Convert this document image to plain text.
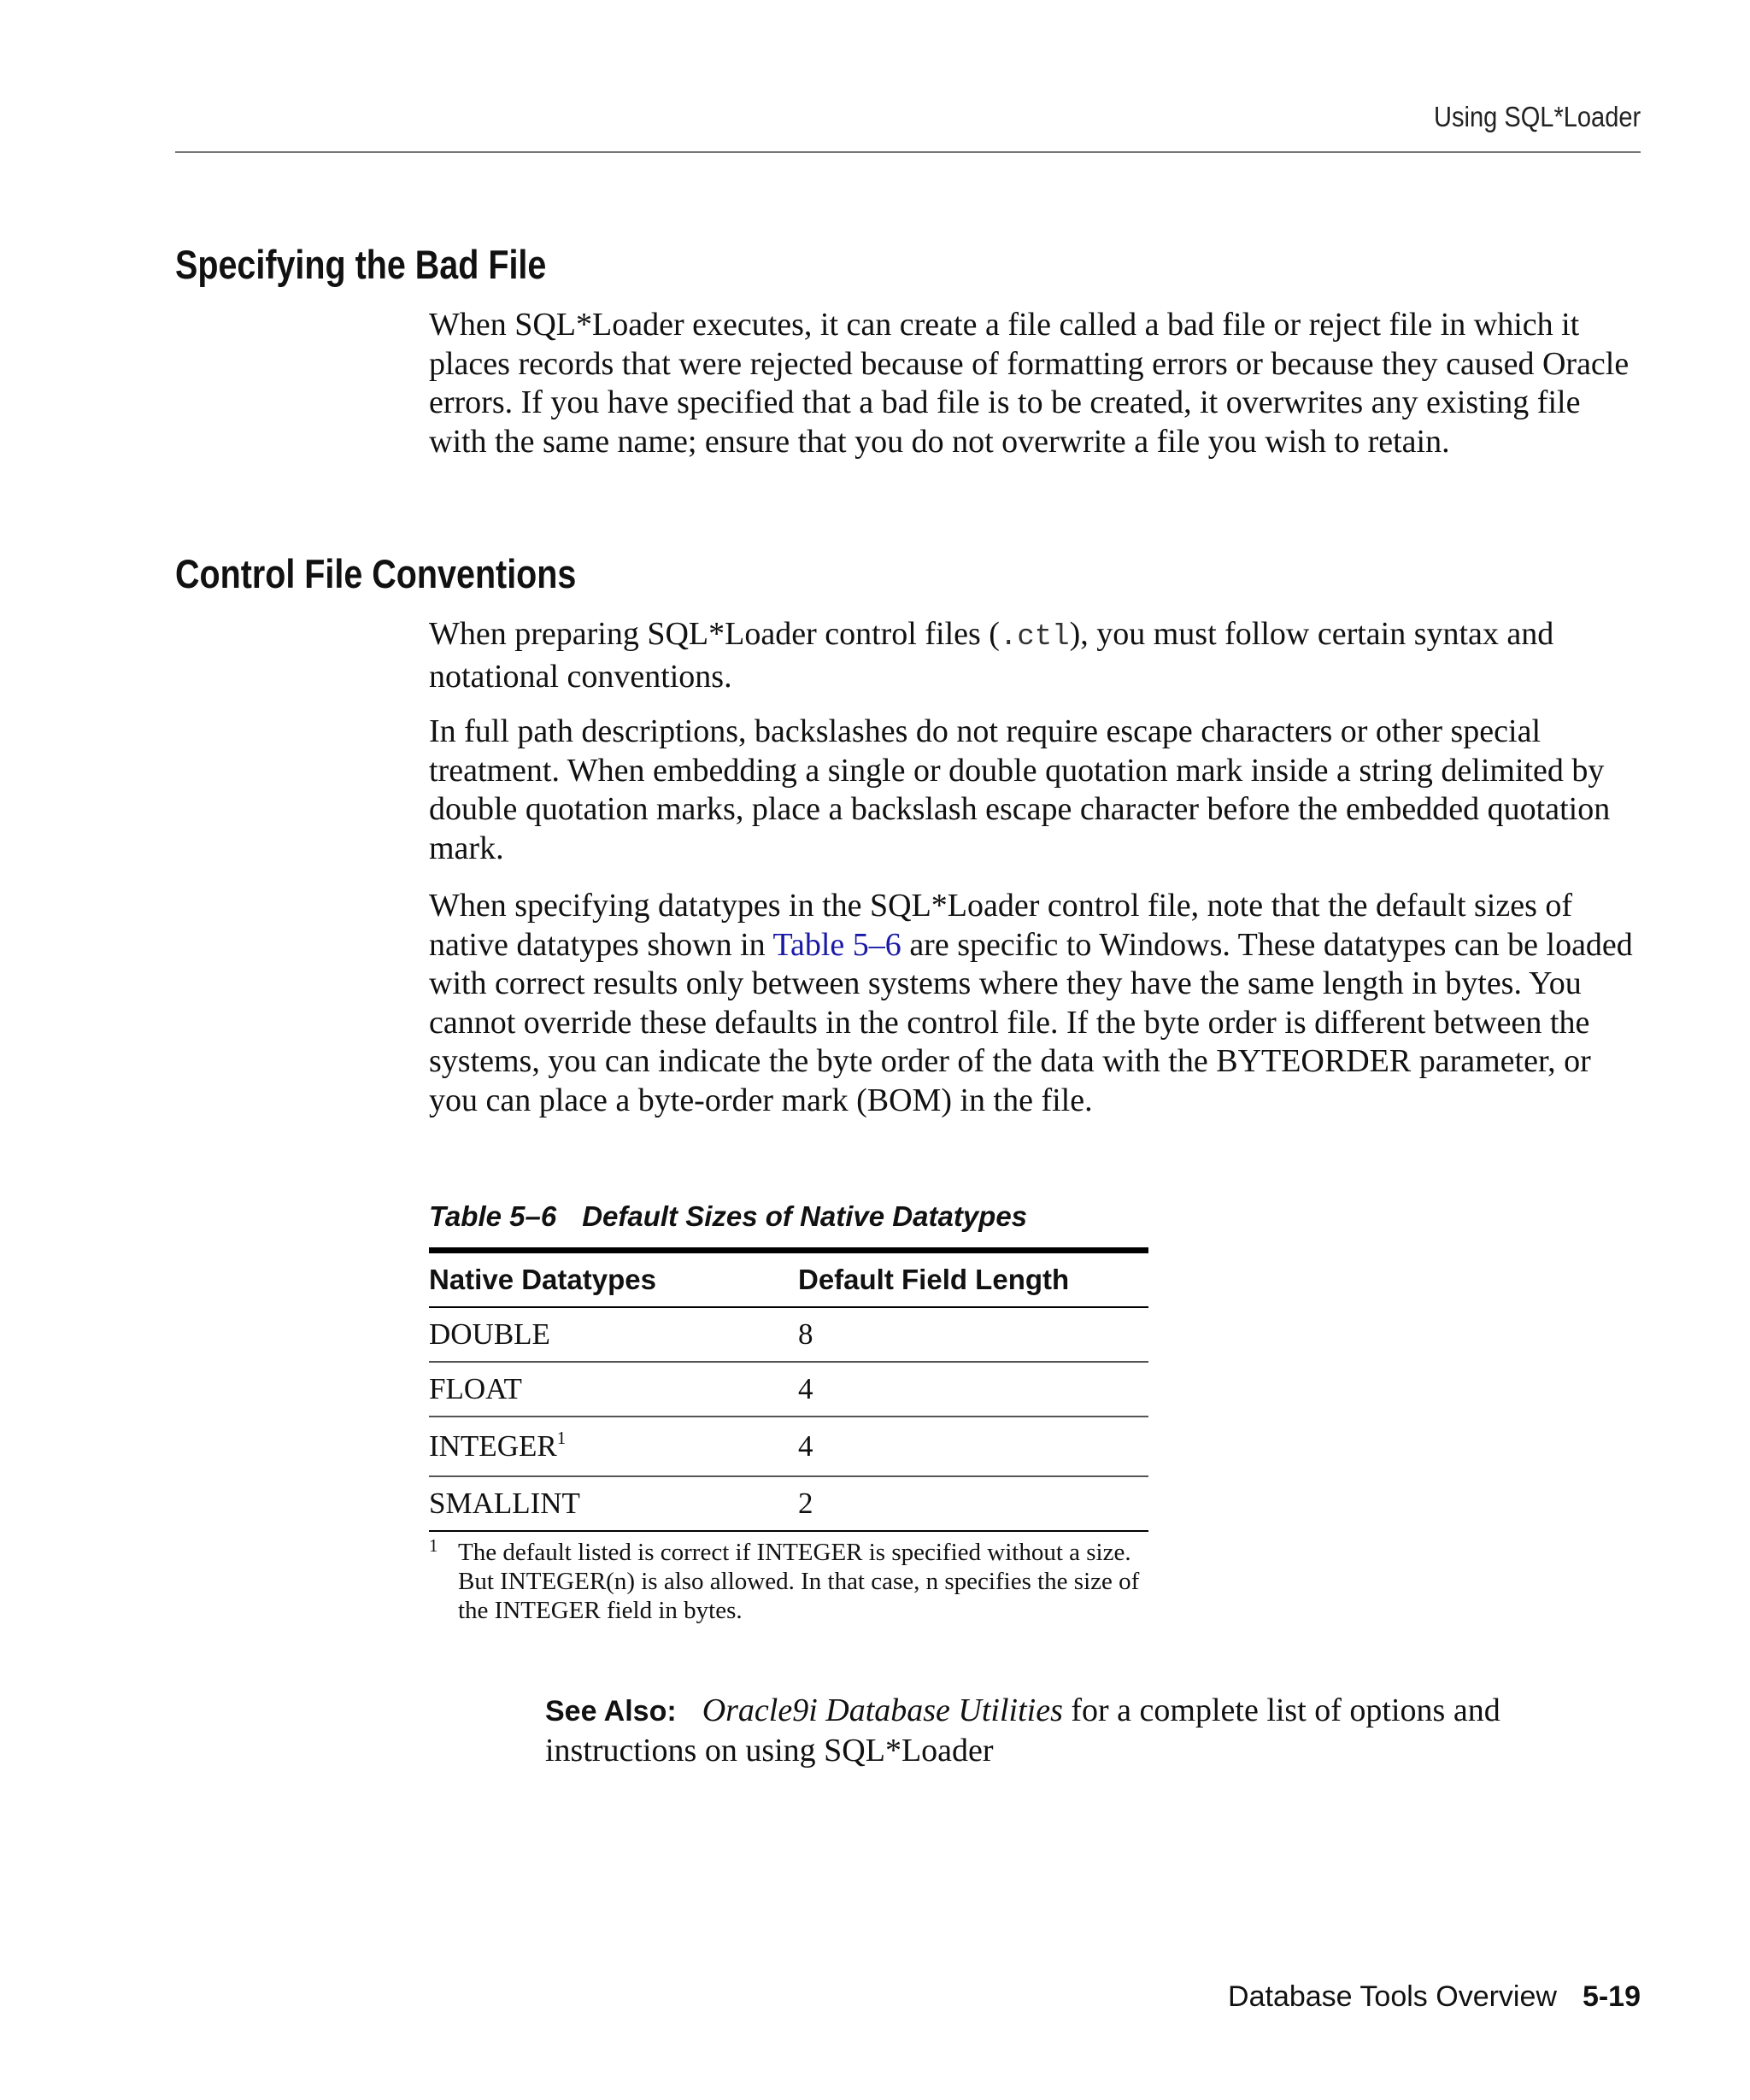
Using SQL*Loader
Specifying the Bad File

When SQL*Loader executes, it can create a file called a bad file or reject file in which it places records that were rejected because of formatting errors or because they caused Oracle errors. If you have specified that a bad file is to be created, it overwrites any existing file with the same name; ensure that you do not overwrite a file you wish to retain.

Control File Conventions

When preparing SQL*Loader control files (.ctl), you must follow certain syntax and notational conventions.

In full path descriptions, backslashes do not require escape characters or other special treatment. When embedding a single or double quotation mark inside a string delimited by double quotation marks, place a backslash escape character before the embedded quotation mark.

When specifying datatypes in the SQL*Loader control file, note that the default sizes of native datatypes shown in Table 5–6 are specific to Windows. These datatypes can be loaded with correct results only between systems where they have the same length in bytes. You cannot override these defaults in the control file. If the byte order is different between the systems, you can indicate the byte order of the data with the BYTEORDER parameter, or you can place a byte-order mark (BOM) in the file.

Table 5–6 Default Sizes of Native Datatypes
Native Datatypes	Default Field Length
DOUBLE	8
FLOAT	4
INTEGER$^1$	4
SMALLINT	2
1 The default listed is correct if INTEGER is specified without a size. But INTEGER(n) is also allowed. In that case, n specifies the size of the INTEGER field in bytes.
See Also: Oracle9i Database Utilities for a complete list of options and instructions on using SQL*Loader
Database Tools Overview 5-19
